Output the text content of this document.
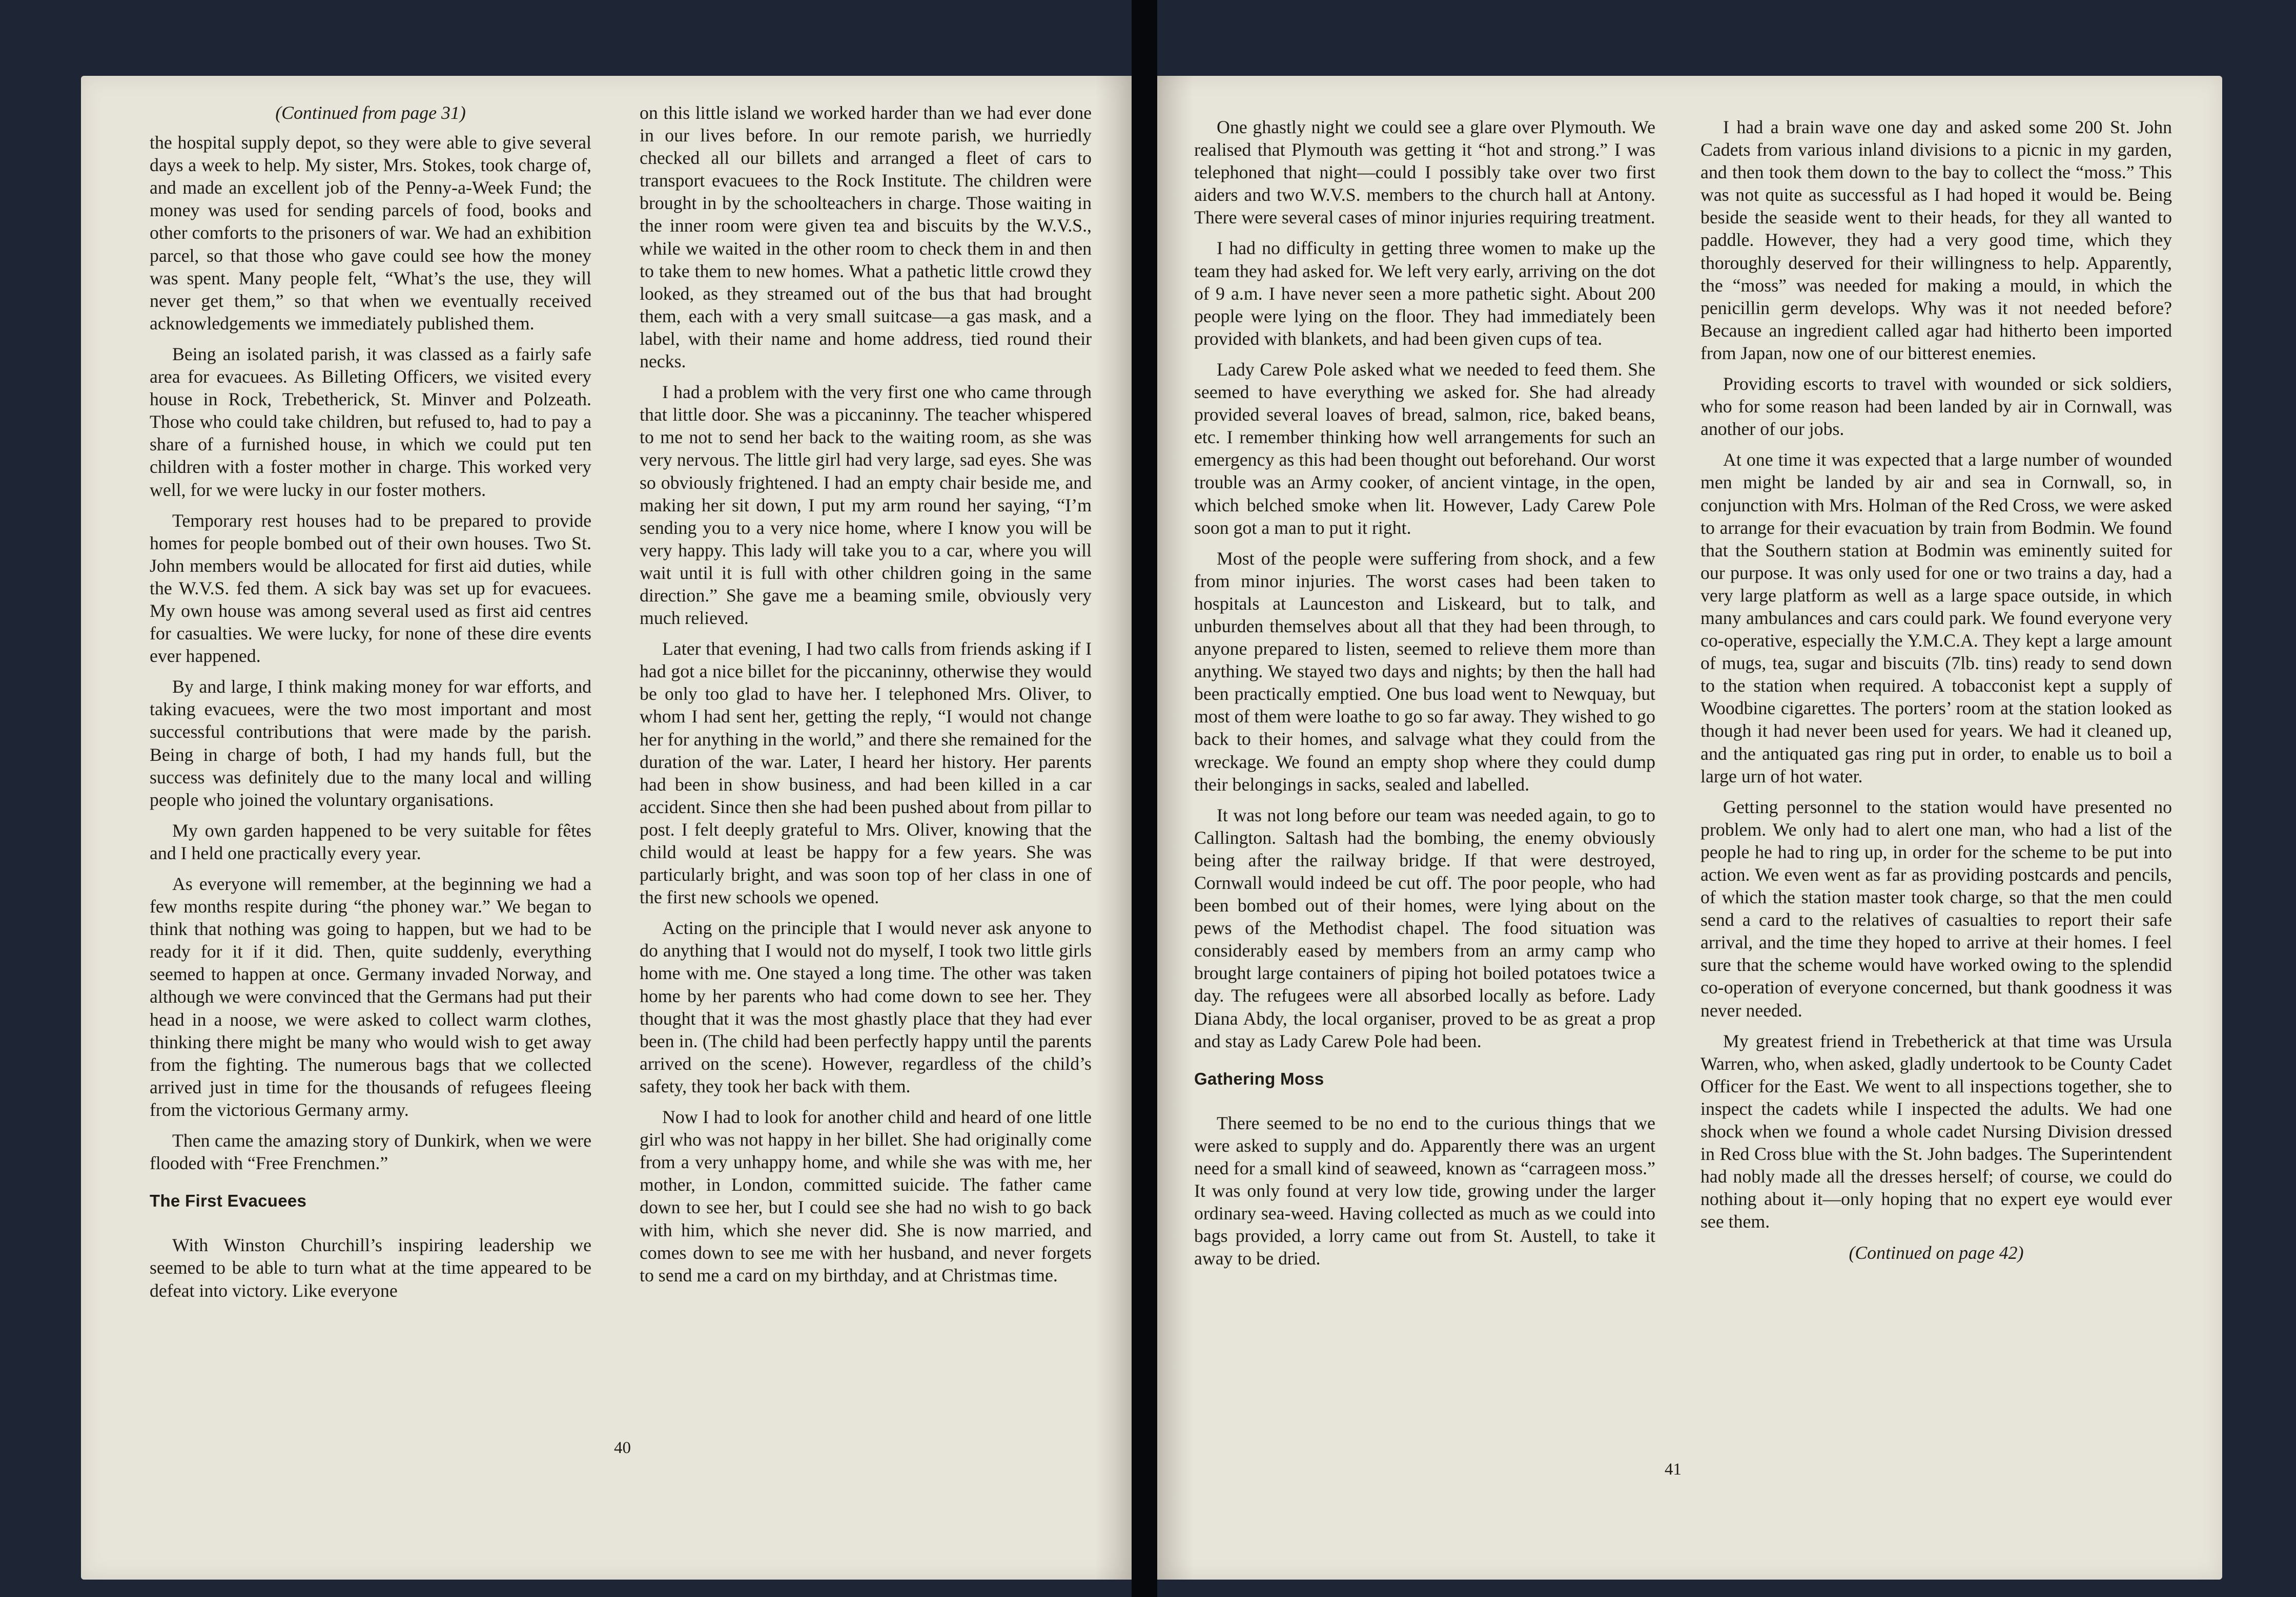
(Continued from page 31)

the hospital supply depot, so they were able to give several days a week to help. My sister, Mrs. Stokes, took charge of, and made an excellent job of the Penny-a-Week Fund; the money was used for sending parcels of food, books and other comforts to the prisoners of war. We had an exhibition parcel, so that those who gave could see how the money was spent. Many people felt, “What’s the use, they will never get them,” so that when we eventually received acknowledgements we immediately published them.

Being an isolated parish, it was classed as a fairly safe area for evacuees. As Billeting Officers, we visited every house in Rock, Trebetherick, St. Minver and Polzeath. Those who could take children, but refused to, had to pay a share of a furnished house, in which we could put ten children with a foster mother in charge. This worked very well, for we were lucky in our foster mothers.

Temporary rest houses had to be prepared to provide homes for people bombed out of their own houses. Two St. John members would be allocated for first aid duties, while the W.V.S. fed them. A sick bay was set up for evacuees. My own house was among several used as first aid centres for casualties. We were lucky, for none of these dire events ever happened.

By and large, I think making money for war efforts, and taking evacuees, were the two most important and most successful contributions that were made by the parish. Being in charge of both, I had my hands full, but the success was definitely due to the many local and willing people who joined the voluntary organisations.

My own garden happened to be very suitable for fêtes and I held one practically every year.

As everyone will remember, at the beginning we had a few months respite during “the phoney war.” We began to think that nothing was going to happen, but we had to be ready for it if it did. Then, quite suddenly, everything seemed to happen at once. Germany invaded Norway, and although we were convinced that the Germans had put their head in a noose, we were asked to collect warm clothes, thinking there might be many who would wish to get away from the fighting. The numerous bags that we collected arrived just in time for the thousands of refugees fleeing from the victorious Germany army.

Then came the amazing story of Dunkirk, when we were flooded with “Free Frenchmen.”

The First Evacuees

With Winston Churchill’s inspiring leadership we seemed to be able to turn what at the time appeared to be defeat into victory. Like everyone

on this little island we worked harder than we had ever done in our lives before. In our remote parish, we hurriedly checked all our billets and arranged a fleet of cars to transport evacuees to the Rock Institute. The children were brought in by the schoolteachers in charge. Those waiting in the inner room were given tea and biscuits by the W.V.S., while we waited in the other room to check them in and then to take them to new homes. What a pathetic little crowd they looked, as they streamed out of the bus that had brought them, each with a very small suitcase—a gas mask, and a label, with their name and home address, tied round their necks.

I had a problem with the very first one who came through that little door. She was a piccaninny. The teacher whispered to me not to send her back to the waiting room, as she was very nervous. The little girl had very large, sad eyes. She was so obviously frightened. I had an empty chair beside me, and making her sit down, I put my arm round her saying, “I’m sending you to a very nice home, where I know you will be very happy. This lady will take you to a car, where you will wait until it is full with other children going in the same direction.” She gave me a beaming smile, obviously very much relieved.

Later that evening, I had two calls from friends asking if I had got a nice billet for the piccaninny, otherwise they would be only too glad to have her. I telephoned Mrs. Oliver, to whom I had sent her, getting the reply, “I would not change her for anything in the world,” and there she remained for the duration of the war. Later, I heard her history. Her parents had been in show business, and had been killed in a car accident. Since then she had been pushed about from pillar to post. I felt deeply grateful to Mrs. Oliver, knowing that the child would at least be happy for a few years. She was particularly bright, and was soon top of her class in one of the first new schools we opened.

Acting on the principle that I would never ask anyone to do anything that I would not do myself, I took two little girls home with me. One stayed a long time. The other was taken home by her parents who had come down to see her. They thought that it was the most ghastly place that they had ever been in. (The child had been perfectly happy until the parents arrived on the scene). However, regardless of the child’s safety, they took her back with them.

Now I had to look for another child and heard of one little girl who was not happy in her billet. She had originally come from a very unhappy home, and while she was with me, her mother, in London, committed suicide. The father came down to see her, but I could see she had no wish to go back with him, which she never did. She is now married, and comes down to see me with her husband, and never forgets to send me a card on my birthday, and at Christmas time.

40

One ghastly night we could see a glare over Plymouth. We realised that Plymouth was getting it “hot and strong.” I was telephoned that night—could I possibly take over two first aiders and two W.V.S. members to the church hall at Antony. There were several cases of minor injuries requiring treatment.

I had no difficulty in getting three women to make up the team they had asked for. We left very early, arriving on the dot of 9 a.m. I have never seen a more pathetic sight. About 200 people were lying on the floor. They had immediately been provided with blankets, and had been given cups of tea.

Lady Carew Pole asked what we needed to feed them. She seemed to have everything we asked for. She had already provided several loaves of bread, salmon, rice, baked beans, etc. I remember thinking how well arrangements for such an emergency as this had been thought out beforehand. Our worst trouble was an Army cooker, of ancient vintage, in the open, which belched smoke when lit. However, Lady Carew Pole soon got a man to put it right.

Most of the people were suffering from shock, and a few from minor injuries. The worst cases had been taken to hospitals at Launceston and Liskeard, but to talk, and unburden themselves about all that they had been through, to anyone prepared to listen, seemed to relieve them more than anything. We stayed two days and nights; by then the hall had been practically emptied. One bus load went to Newquay, but most of them were loathe to go so far away. They wished to go back to their homes, and salvage what they could from the wreckage. We found an empty shop where they could dump their belongings in sacks, sealed and labelled.

It was not long before our team was needed again, to go to Callington. Saltash had the bombing, the enemy obviously being after the railway bridge. If that were destroyed, Cornwall would indeed be cut off. The poor people, who had been bombed out of their homes, were lying about on the pews of the Methodist chapel. The food situation was considerably eased by members from an army camp who brought large containers of piping hot boiled potatoes twice a day. The refugees were all absorbed locally as before. Lady Diana Abdy, the local organiser, proved to be as great a prop and stay as Lady Carew Pole had been.

Gathering Moss

There seemed to be no end to the curious things that we were asked to supply and do. Apparently there was an urgent need for a small kind of seaweed, known as “carrageen moss.” It was only found at very low tide, growing under the larger ordinary sea-weed. Having collected as much as we could into bags provided, a lorry came out from St. Austell, to take it away to be dried.

I had a brain wave one day and asked some 200 St. John Cadets from various inland divisions to a picnic in my garden, and then took them down to the bay to collect the “moss.” This was not quite as successful as I had hoped it would be. Being beside the seaside went to their heads, for they all wanted to paddle. However, they had a very good time, which they thoroughly deserved for their willingness to help. Apparently, the “moss” was needed for making a mould, in which the penicillin germ develops. Why was it not needed before? Because an ingredient called agar had hitherto been imported from Japan, now one of our bitterest enemies.

Providing escorts to travel with wounded or sick soldiers, who for some reason had been landed by air in Cornwall, was another of our jobs.

At one time it was expected that a large number of wounded men might be landed by air and sea in Cornwall, so, in conjunction with Mrs. Holman of the Red Cross, we were asked to arrange for their evacuation by train from Bodmin. We found that the Southern station at Bodmin was eminently suited for our purpose. It was only used for one or two trains a day, had a very large platform as well as a large space outside, in which many ambulances and cars could park. We found everyone very co-operative, especially the Y.M.C.A. They kept a large amount of mugs, tea, sugar and biscuits (7lb. tins) ready to send down to the station when required. A tobacconist kept a supply of Woodbine cigarettes. The porters’ room at the station looked as though it had never been used for years. We had it cleaned up, and the antiquated gas ring put in order, to enable us to boil a large urn of hot water.

Getting personnel to the station would have presented no problem. We only had to alert one man, who had a list of the people he had to ring up, in order for the scheme to be put into action. We even went as far as providing postcards and pencils, of which the station master took charge, so that the men could send a card to the relatives of casualties to report their safe arrival, and the time they hoped to arrive at their homes. I feel sure that the scheme would have worked owing to the splendid co-operation of everyone concerned, but thank goodness it was never needed.

My greatest friend in Trebetherick at that time was Ursula Warren, who, when asked, gladly undertook to be County Cadet Officer for the East. We went to all inspections together, she to inspect the cadets while I inspected the adults. We had one shock when we found a whole cadet Nursing Division dressed in Red Cross blue with the St. John badges. The Superintendent had nobly made all the dresses herself; of course, we could do nothing about it—only hoping that no expert eye would ever see them.

(Continued on page 42)

41
